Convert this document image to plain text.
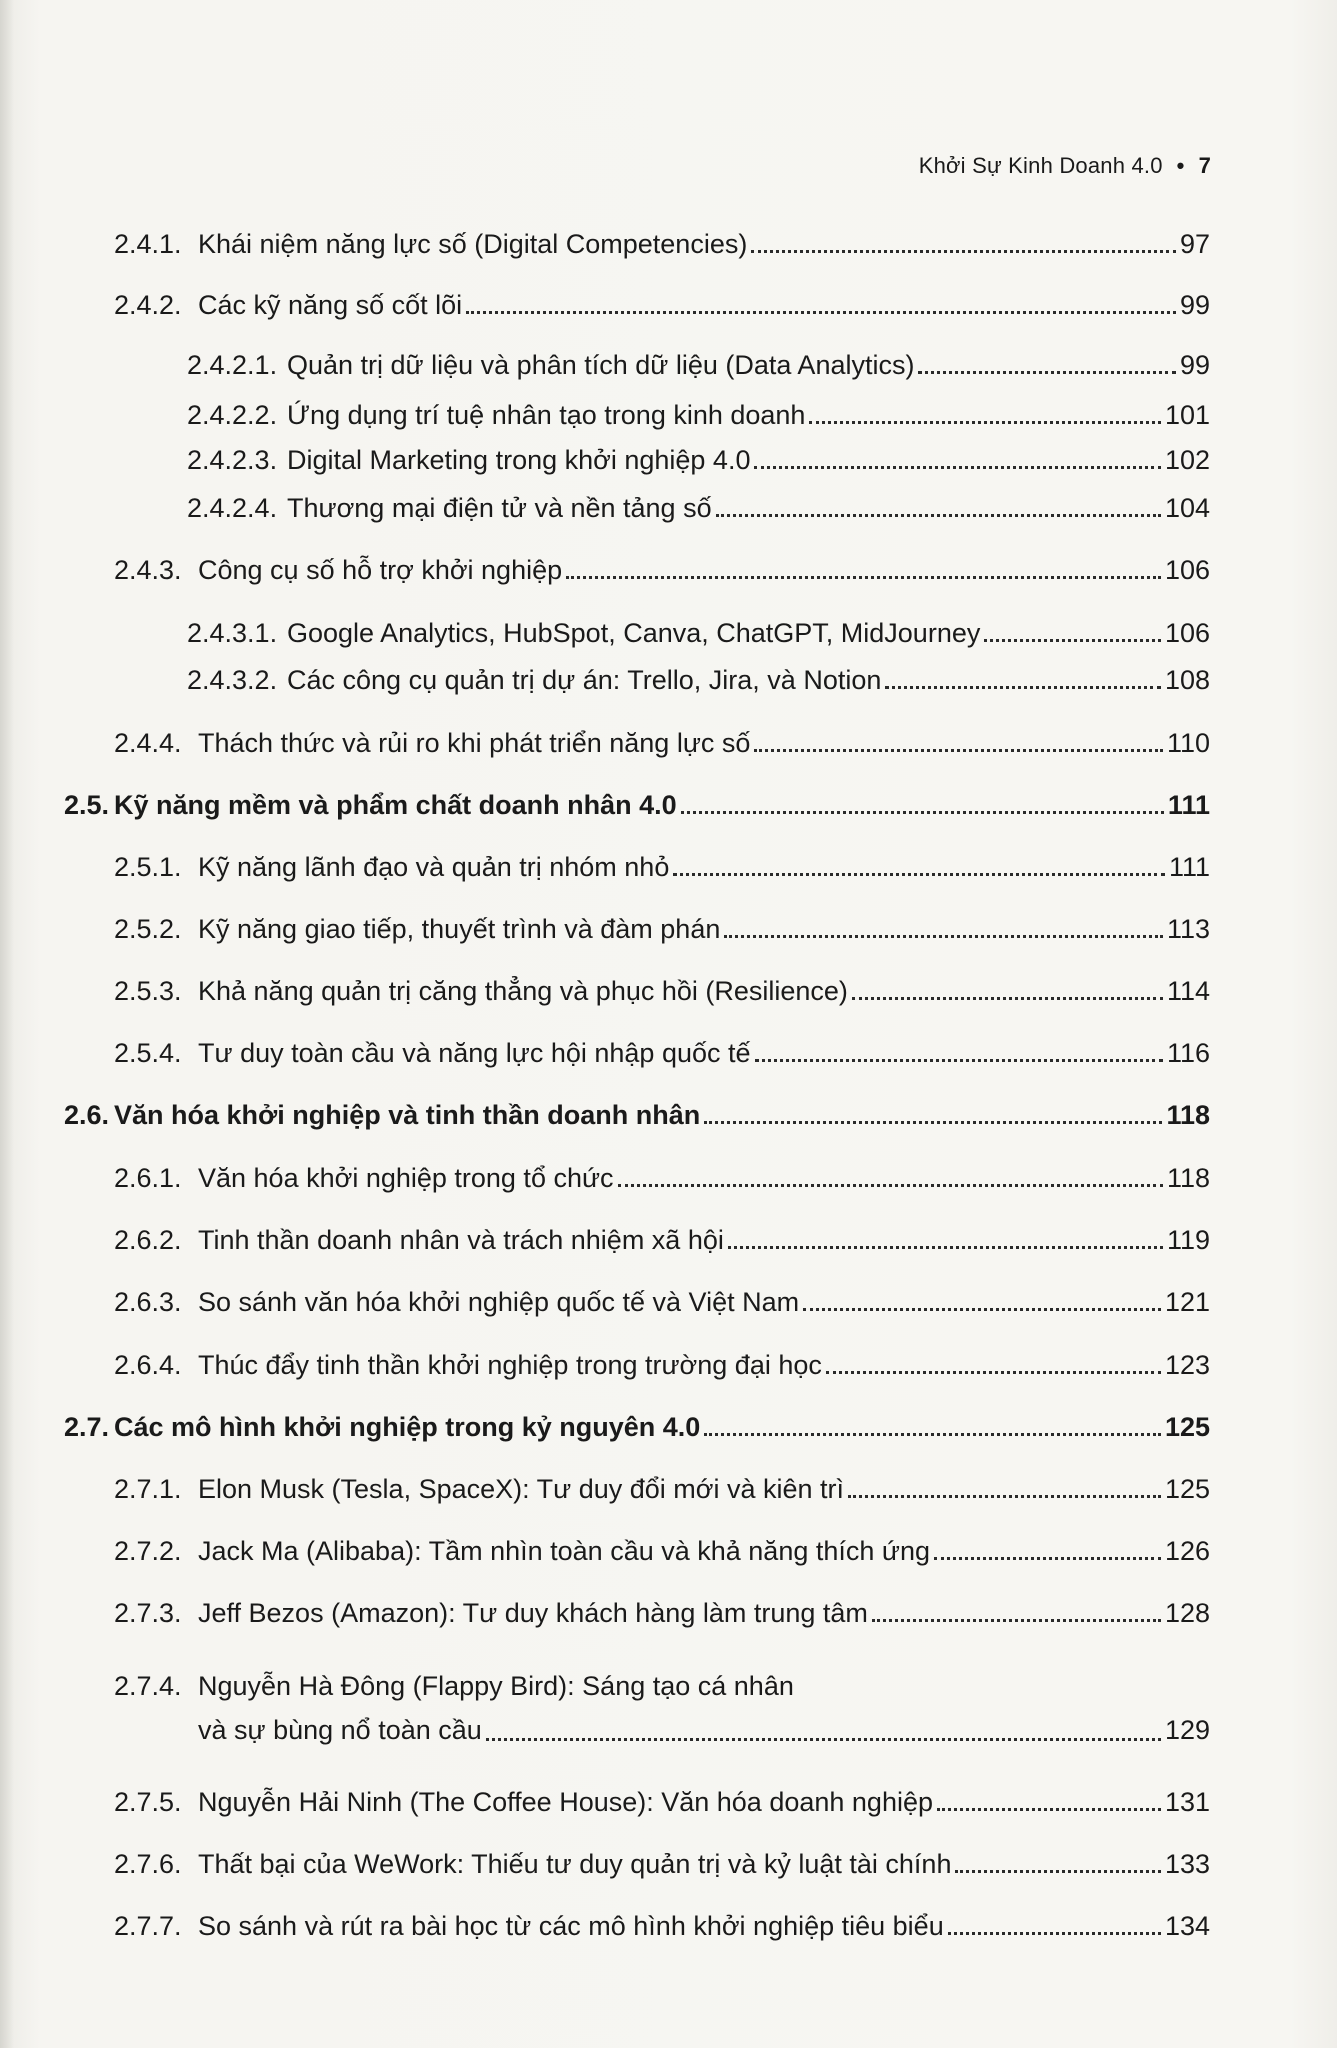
Khởi Sự Kinh Doanh 4.0 • 7
2.4.1. Khái niệm năng lực số (Digital Competencies)	97
2.4.2. Các kỹ năng số cốt lõi	99
2.4.2.1. Quản trị dữ liệu và phân tích dữ liệu (Data Analytics)	99
2.4.2.2. Ứng dụng trí tuệ nhân tạo trong kinh doanh	101
2.4.2.3. Digital Marketing trong khởi nghiệp 4.0	102
2.4.2.4. Thương mại điện tử và nền tảng số	104
2.4.3. Công cụ số hỗ trợ khởi nghiệp	106
2.4.3.1. Google Analytics, HubSpot, Canva, ChatGPT, MidJourney	106
2.4.3.2. Các công cụ quản trị dự án: Trello, Jira, và Notion	108
2.4.4. Thách thức và rủi ro khi phát triển năng lực số	110
2.5. Kỹ năng mềm và phẩm chất doanh nhân 4.0	111
2.5.1. Kỹ năng lãnh đạo và quản trị nhóm nhỏ	111
2.5.2. Kỹ năng giao tiếp, thuyết trình và đàm phán	113
2.5.3. Khả năng quản trị căng thẳng và phục hồi (Resilience)	114
2.5.4. Tư duy toàn cầu và năng lực hội nhập quốc tế	116
2.6. Văn hóa khởi nghiệp và tinh thần doanh nhân	118
2.6.1. Văn hóa khởi nghiệp trong tổ chức	118
2.6.2. Tinh thần doanh nhân và trách nhiệm xã hội	119
2.6.3. So sánh văn hóa khởi nghiệp quốc tế và Việt Nam	121
2.6.4. Thúc đẩy tinh thần khởi nghiệp trong trường đại học	123
2.7. Các mô hình khởi nghiệp trong kỷ nguyên 4.0	125
2.7.1. Elon Musk (Tesla, SpaceX): Tư duy đổi mới và kiên trì	125
2.7.2. Jack Ma (Alibaba): Tầm nhìn toàn cầu và khả năng thích ứng	126
2.7.3. Jeff Bezos (Amazon): Tư duy khách hàng làm trung tâm	128
2.7.4. Nguyễn Hà Đông (Flappy Bird): Sáng tạo cá nhân
và sự bùng nổ toàn cầu	129
2.7.5. Nguyễn Hải Ninh (The Coffee House): Văn hóa doanh nghiệp	131
2.7.6. Thất bại của WeWork: Thiếu tư duy quản trị và kỷ luật tài chính	133
2.7.7. So sánh và rút ra bài học từ các mô hình khởi nghiệp tiêu biểu	134
